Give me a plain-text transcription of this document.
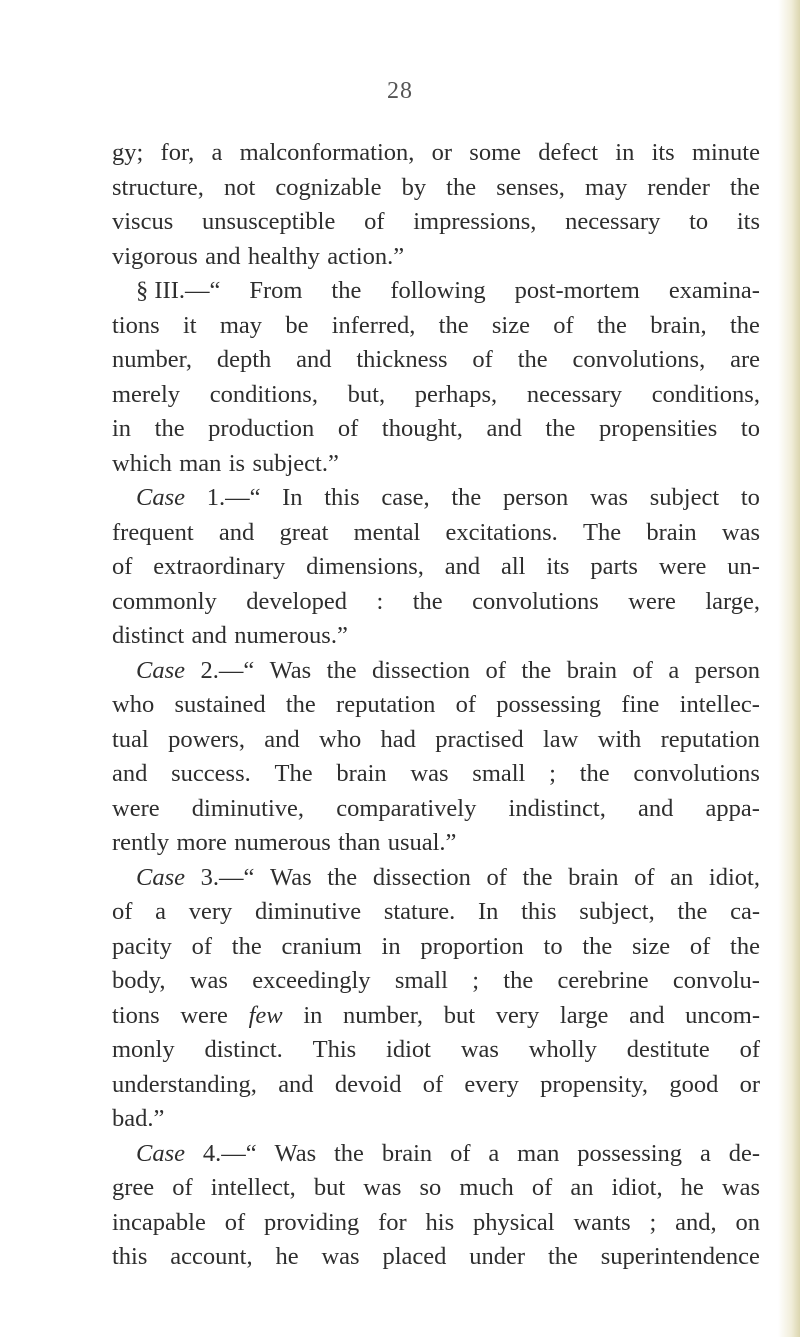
28
gy; for, a malconformation, or some defect in its minute
structure, not cognizable by the senses, may render the
viscus unsusceptible of impressions, necessary to its
vigorous and healthy action.”
§ III.—“ From the following post-mortem examina-
tions it may be inferred, the size of the brain, the
number, depth and thickness of the convolutions, are
merely conditions, but, perhaps, necessary conditions,
in the production of thought, and the propensities to
which man is subject.”
Case 1.—“ In this case, the person was subject to
frequent and great mental excitations. The brain was
of extraordinary dimensions, and all its parts were un-
commonly developed : the convolutions were large,
distinct and numerous.”
Case 2.—“ Was the dissection of the brain of a person
who sustained the reputation of possessing fine intellec-
tual powers, and who had practised law with reputation
and success. The brain was small ; the convolutions
were diminutive, comparatively indistinct, and appa-
rently more numerous than usual.”
Case 3.—“ Was the dissection of the brain of an idiot,
of a very diminutive stature. In this subject, the ca-
pacity of the cranium in proportion to the size of the
body, was exceedingly small ; the cerebrine convolu-
tions were few in number, but very large and uncom-
monly distinct. This idiot was wholly destitute of
understanding, and devoid of every propensity, good or
bad.”
Case 4.—“ Was the brain of a man possessing a de-
gree of intellect, but was so much of an idiot, he was
incapable of providing for his physical wants ; and, on
this account, he was placed under the superintendence
